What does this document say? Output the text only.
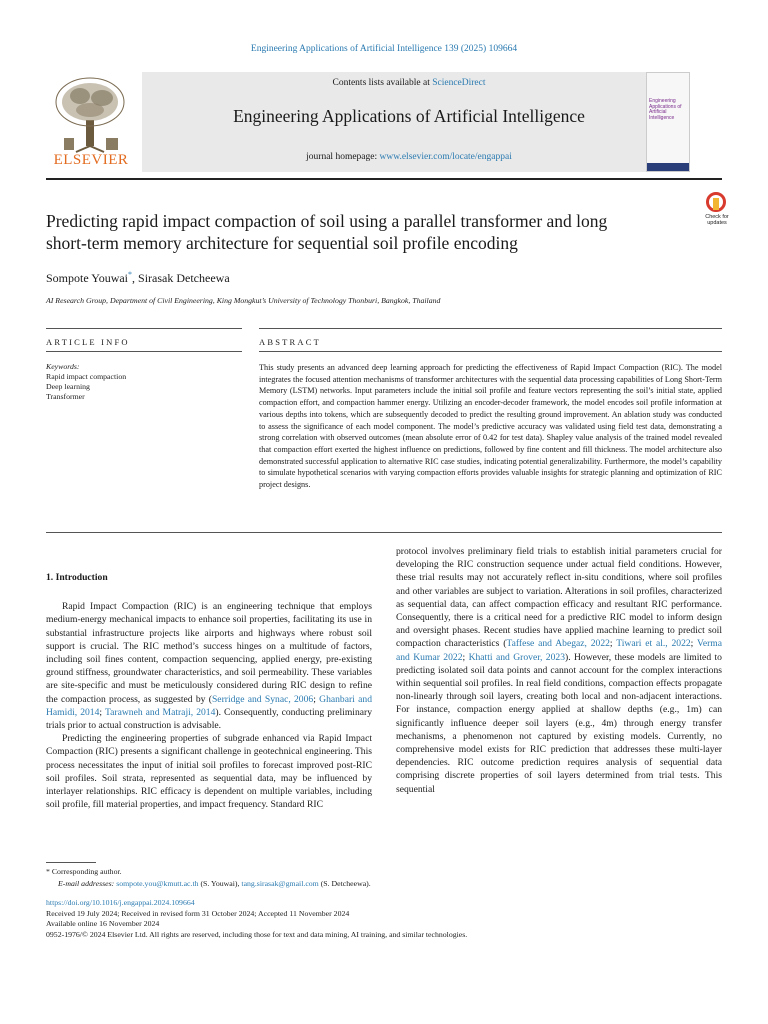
Engineering Applications of Artificial Intelligence 139 (2025) 109664
ELSEVIER
Contents lists available at ScienceDirect
Engineering Applications of Artificial Intelligence
journal homepage: www.elsevier.com/locate/engappai
Engineering Applications of Artificial Intelligence
Predicting rapid impact compaction of soil using a parallel transformer and long short-term memory architecture for sequential soil profile encoding
Check for updates
Sompote Youwai*, Sirasak Detcheewa
AI Research Group, Department of Civil Engineering, King Mongkut’s University of Technology Thonburi, Bangkok, Thailand
ARTICLE INFO	ABSTRACT
Keywords:
Rapid impact compaction
Deep learning
Transformer
This study presents an advanced deep learning approach for predicting the effectiveness of Rapid Impact Compaction (RIC). The model integrates the focused attention mechanisms of transformer architectures with the sequential data processing capabilities of Long Short-Term Memory (LSTM) networks. Input parameters include the initial soil profile and feature vectors representing the soil’s initial state, applied compaction effort, and compaction hammer energy. Utilizing an encoder-decoder framework, the model encodes soil profile information at various depths into tokens, which are subsequently decoded to predict the resulting ground improvement. An ablation study was conducted to assess the significance of each model component. The model’s predictive accuracy was validated using field test data, demonstrating a strong correlation with observed outcomes (mean absolute error of 0.42 for test data). Shapley value analysis of the trained model revealed that compaction effort exerted the highest influence on predictions, followed by fine content and fill thickness. The model architecture also demonstrated successful application to alternative RIC case studies, indicating potential generalizability. Furthermore, the model’s capability to simulate hypothetical scenarios with varying compaction efforts provides valuable insights for strategic planning and optimization of RIC project designs.
1. Introduction

Rapid Impact Compaction (RIC) is an engineering technique that employs medium-energy mechanical impacts to enhance soil properties, facilitating its use in substantial infrastructure projects like airports and highways where robust soil support is crucial. The RIC method’s success hinges on a multitude of factors, including soil fines content, compaction sequencing, applied energy, pre-existing ground stiffness, groundwater characteristics, and soil permeability. These variables are site-specific and must be meticulously considered during RIC design to refine the compaction process, as suggested by (Serridge and Synac, 2006; Ghanbari and Hamidi, 2014; Tarawneh and Matraji, 2014). Consequently, conducting preliminary trials prior to actual construction is advisable.

Predicting the engineering properties of subgrade enhanced via Rapid Impact Compaction (RIC) presents a significant challenge in geotechnical engineering. This process necessitates the input of initial soil profiles to forecast improved post-RIC soil profiles. Soil strata, represented as sequential data, may be influenced by interlayer relationships. RIC efficacy is dependent on multiple variables, including soil profile, fill material properties, and impact frequency. Standard RIC

protocol involves preliminary field trials to establish initial parameters crucial for developing the RIC construction sequence under actual field conditions. However, these trial results may not accurately reflect in-situ conditions, where soil profiles and other variables are subject to variation. Alterations in soil profiles, characterized as sequential data, can affect compaction efficacy and resultant RIC performance. Consequently, there is a critical need for a predictive RIC model to inform design and oversight phases. Recent studies have applied machine learning to predict soil compaction characteristics (Taffese and Abegaz, 2022; Tiwari et al., 2022; Verma and Kumar 2022; Khatti and Grover, 2023). However, these models are limited to predicting isolated soil data points and cannot account for the complex interactions within sequential soil profiles. In real field conditions, compaction effects propagate non-linearly through soil layers, creating both local and non-adjacent interactions. For instance, compaction energy applied at shallow depths (e.g., 1m) can significantly influence deeper soil layers (e.g., 4m) through energy transfer mechanisms, a phenomenon not captured by existing models. Currently, no comprehensive model exists for RIC prediction that addresses these multi-layer dependencies. RIC outcome prediction requires analysis of sequential data comprising discrete properties of soil layers determined from trial tests. This sequential

* Corresponding author.
E-mail addresses: sompote.you@kmutt.ac.th (S. Youwai), tang.sirasak@gmail.com (S. Detcheewa).
https://doi.org/10.1016/j.engappai.2024.109664
Received 19 July 2024; Received in revised form 31 October 2024; Accepted 11 November 2024
Available online 16 November 2024
0952-1976/© 2024 Elsevier Ltd. All rights are reserved, including those for text and data mining, AI training, and similar technologies.
